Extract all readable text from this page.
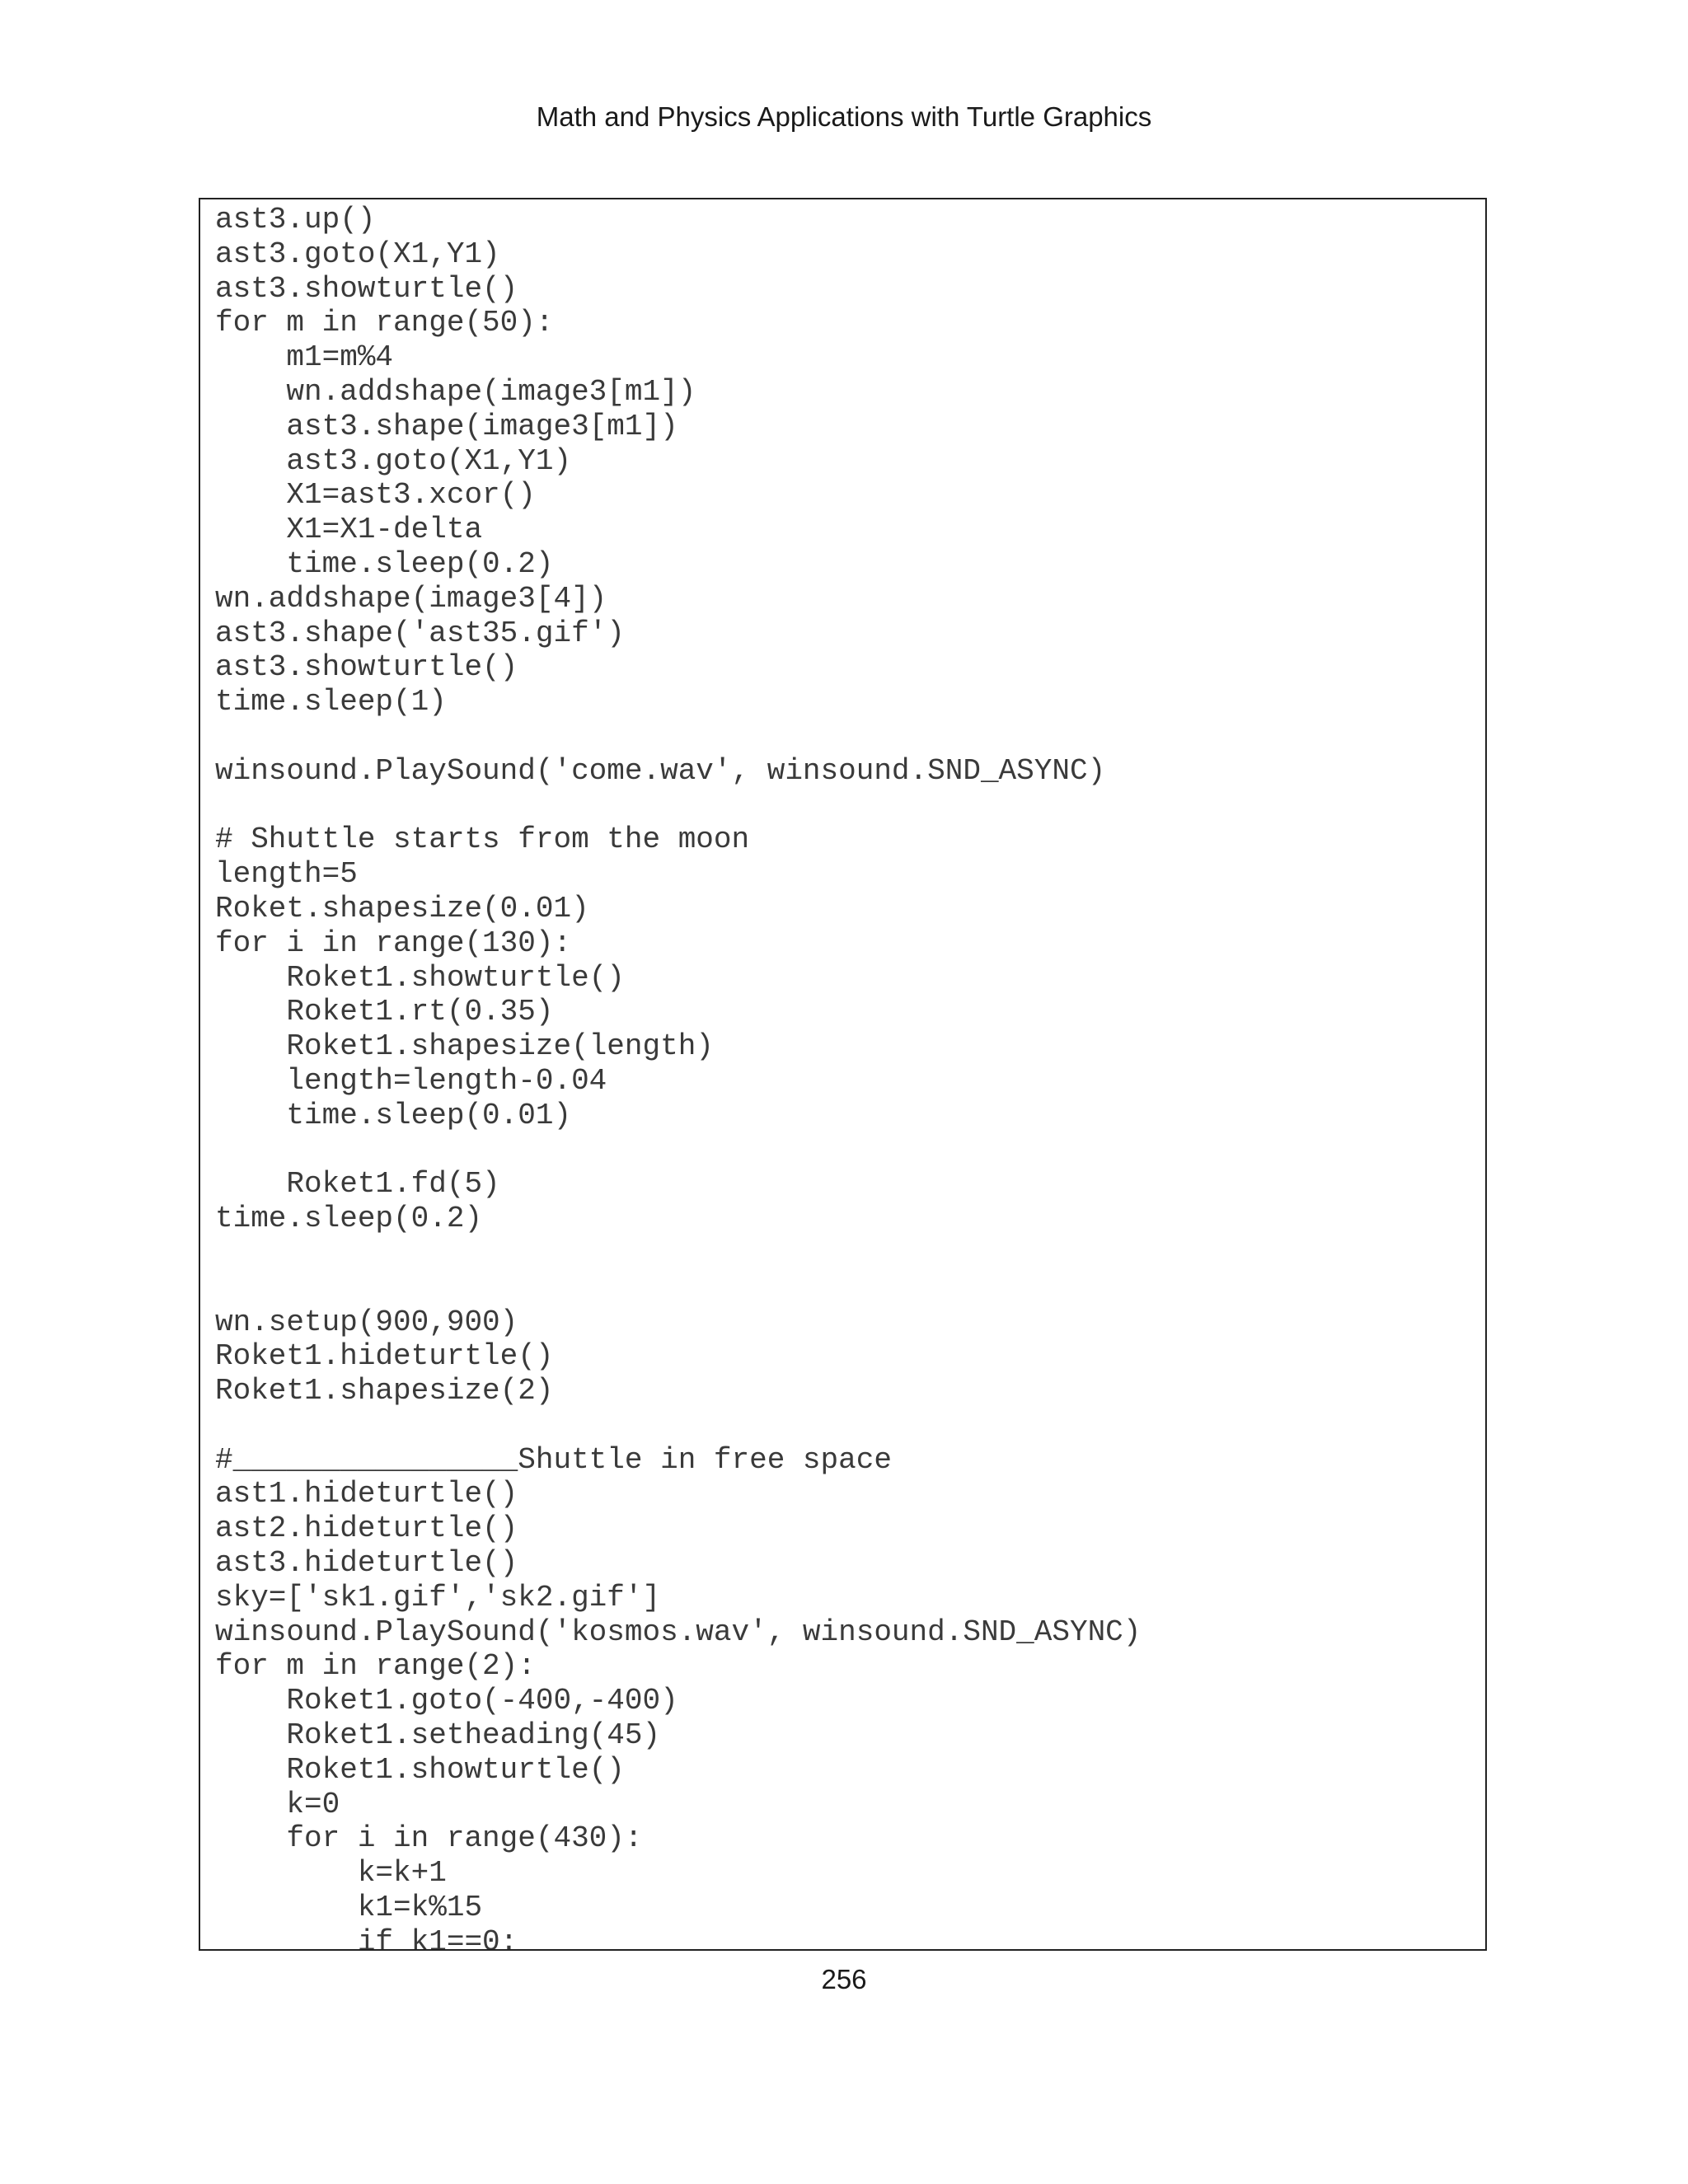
Math and Physics Applications with Turtle Graphics
ast3.up()
ast3.goto(X1,Y1)
ast3.showturtle()
for m in range(50):
m1=m%4
wn.addshape(image3[m1])
ast3.shape(image3[m1])
ast3.goto(X1,Y1)
X1=ast3.xcor()
X1=X1-delta
time.sleep(0.2)
wn.addshape(image3[4])
ast3.shape('ast35.gif')
ast3.showturtle()
time.sleep(1)
winsound.PlaySound('come.wav', winsound.SND_ASYNC)
# Shuttle starts from the moon
length=5
Roket.shapesize(0.01)
for i in range(130):
Roket1.showturtle()
Roket1.rt(0.35)
Roket1.shapesize(length)
length=length-0.04
time.sleep(0.01)
Roket1.fd(5)
time.sleep(0.2)
wn.setup(900,900)
Roket1.hideturtle()
Roket1.shapesize(2)
#________________Shuttle in free space
ast1.hideturtle()
ast2.hideturtle()
ast3.hideturtle()
sky=['sk1.gif','sk2.gif']
winsound.PlaySound('kosmos.wav', winsound.SND_ASYNC)
for m in range(2):
Roket1.goto(-400,-400)
Roket1.setheading(45)
Roket1.showturtle()
k=0
for i in range(430):
k=k+1
k1=k%15
if k1==0:
256
